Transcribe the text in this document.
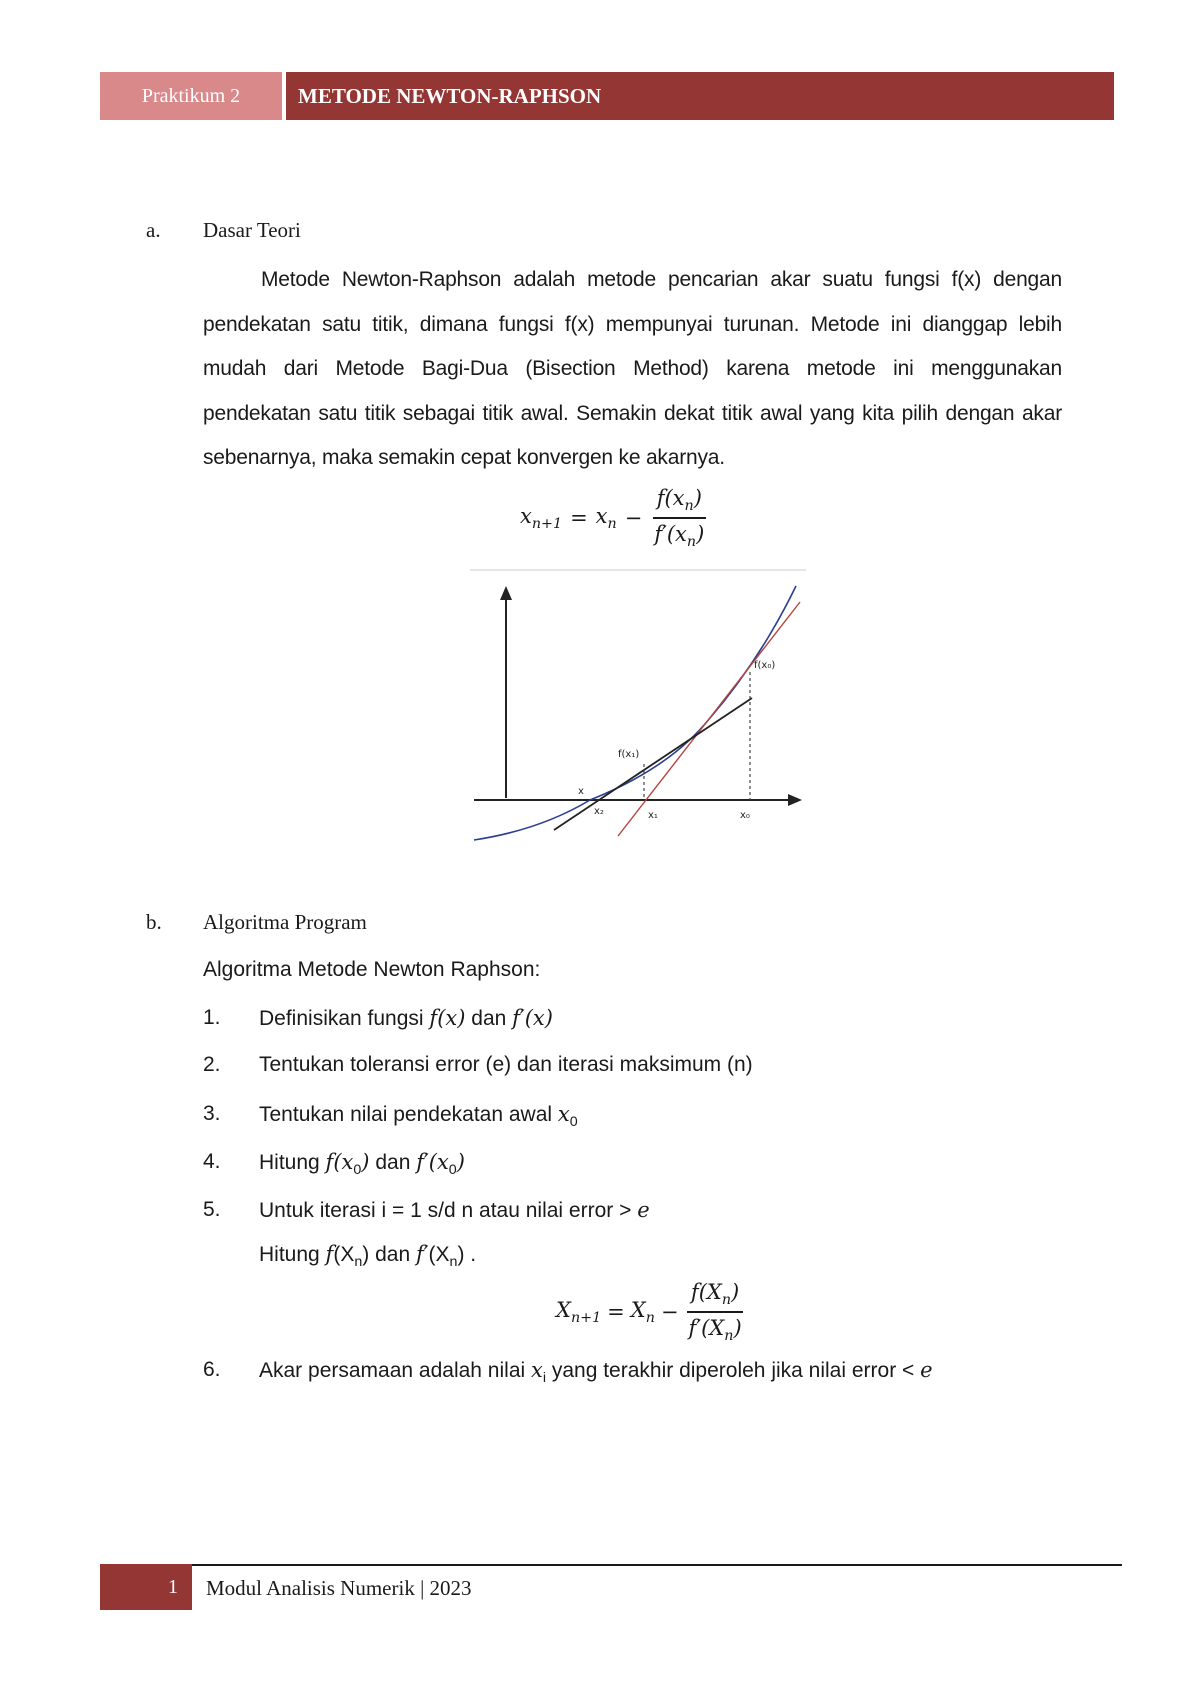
Praktikum 2	METODE NEWTON-RAPHSON
a. Dasar Teori

Metode Newton-Raphson adalah metode pencarian akar suatu fungsi f(x) dengan pendekatan satu titik, dimana fungsi f(x) mempunyai turunan. Metode ini dianggap lebih mudah dari Metode Bagi-Dua (Bisection Method) karena metode ini menggunakan pendekatan satu titik sebagai titik awal. Semakin dekat titik awal yang kita pilih dengan akar sebenarnya, maka semakin cepat konvergen ke akarnya.

$x_{n+1} = x_n - \frac{f(x_n)}{f'(x_n)}$
f(x₀)
f(x₁)
x
x₂	x₁	x₀
b. Algoritma Program
Algoritma Metode Newton Raphson:
1. Definisikan fungsi f(x) dan f′(x)
2. Tentukan toleransi error (e) dan iterasi maksimum (n)
3. Tentukan nilai pendekatan awal $x_0$
4. Hitung $f(x_0)$ dan $f'(x_0)$
5. Untuk iterasi i = 1 s/d n atau nilai error > e
Hitung $f(X_n)$ dan $f'(X_n)$ .
$X_{n+1} = X_n - \frac{f(X_n)}{f'(X_n)}$
6. Akar persamaan adalah nilai $x_i$ yang terakhir diperoleh jika nilai error < e
1	Modul Analisis Numerik | 2023
